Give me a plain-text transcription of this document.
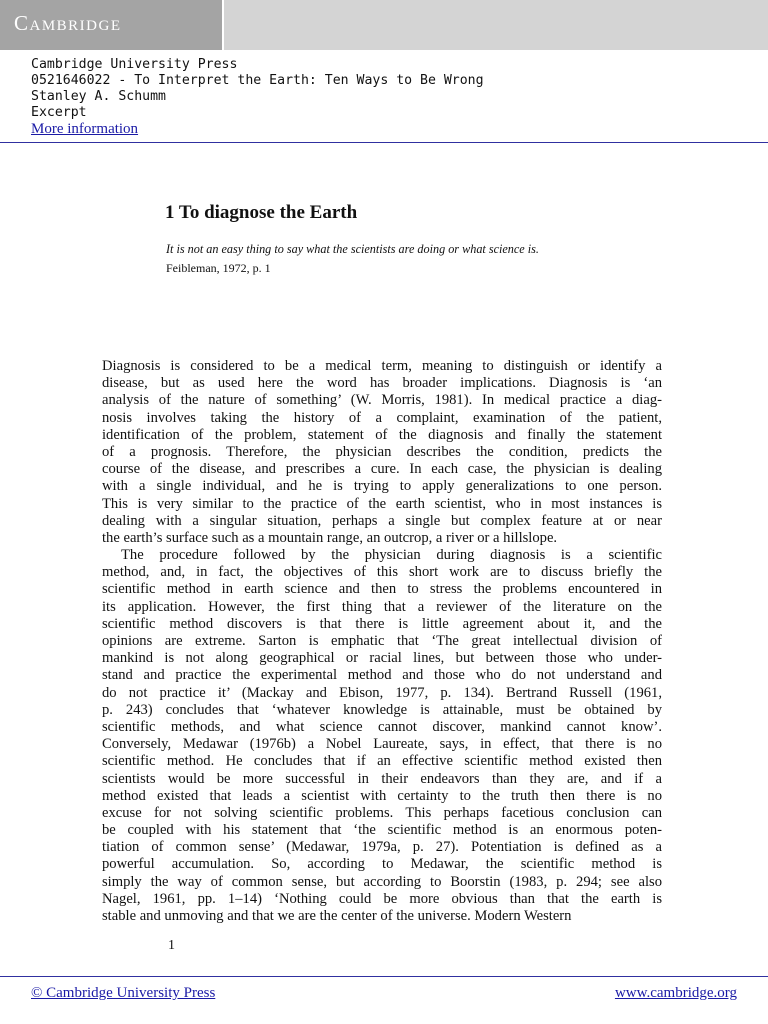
Cambridge
Cambridge University Press
0521646022 - To Interpret the Earth: Ten Ways to Be Wrong
Stanley A. Schumm
Excerpt
More information
1 To diagnose the Earth
It is not an easy thing to say what the scientists are doing or what science is.
Feibleman, 1972, p. 1
Diagnosis is considered to be a medical term, meaning to distinguish or identify a
disease, but as used here the word has broader implications. Diagnosis is ‘an
analysis of the nature of something’ (W. Morris, 1981). In medical practice a diag-
nosis involves taking the history of a complaint, examination of the patient,
identification of the problem, statement of the diagnosis and finally the statement
of a prognosis. Therefore, the physician describes the condition, predicts the
course of the disease, and prescribes a cure. In each case, the physician is dealing
with a single individual, and he is trying to apply generalizations to one person.
This is very similar to the practice of the earth scientist, who in most instances is
dealing with a singular situation, perhaps a single but complex feature at or near
the earth’s surface such as a mountain range, an outcrop, a river or a hillslope.
The procedure followed by the physician during diagnosis is a scientific
method, and, in fact, the objectives of this short work are to discuss briefly the
scientific method in earth science and then to stress the problems encountered in
its application. However, the first thing that a reviewer of the literature on the
scientific method discovers is that there is little agreement about it, and the
opinions are extreme. Sarton is emphatic that ‘The great intellectual division of
mankind is not along geographical or racial lines, but between those who under-
stand and practice the experimental method and those who do not understand and
do not practice it’ (Mackay and Ebison, 1977, p. 134). Bertrand Russell (1961,
p. 243) concludes that ‘whatever knowledge is attainable, must be obtained by
scientific methods, and what science cannot discover, mankind cannot know’.
Conversely, Medawar (1976b) a Nobel Laureate, says, in effect, that there is no
scientific method. He concludes that if an effective scientific method existed then
scientists would be more successful in their endeavors than they are, and if a
method existed that leads a scientist with certainty to the truth then there is no
excuse for not solving scientific problems. This perhaps facetious conclusion can
be coupled with his statement that ‘the scientific method is an enormous poten-
tiation of common sense’ (Medawar, 1979a, p. 27). Potentiation is defined as a
powerful accumulation. So, according to Medawar, the scientific method is
simply the way of common sense, but according to Boorstin (1983, p. 294; see also
Nagel, 1961, pp. 1–14) ‘Nothing could be more obvious than that the earth is
stable and unmoving and that we are the center of the universe. Modern Western
1
© Cambridge University Press	www.cambridge.org
